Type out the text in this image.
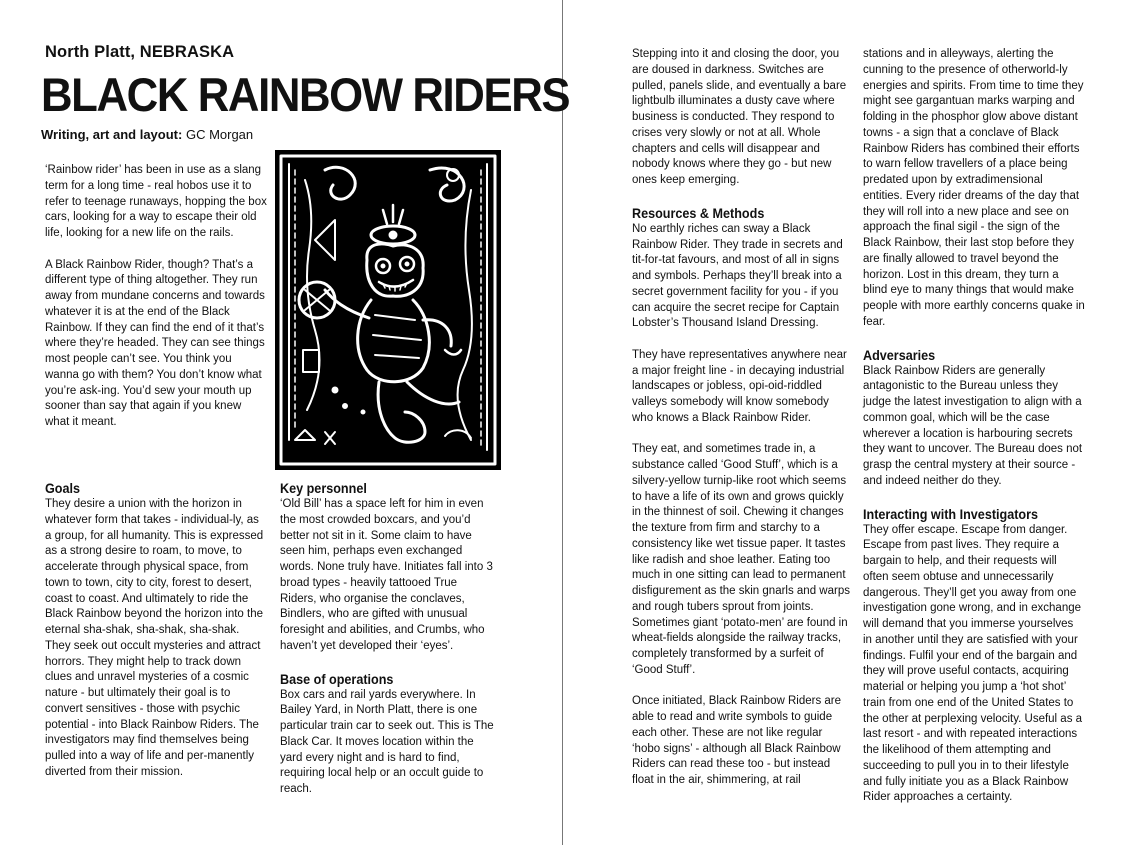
North Platt, NEBRASKA
BLACK RAINBOW RIDERS
Writing, art and layout: GC Morgan

‘Rainbow rider’ has been in use as a slang term for a long time - real hobos use it to refer to teenage runaways, hopping the box cars, looking for a way to escape their old life, looking for a new life on the rails.

A Black Rainbow Rider, though? That’s a different type of thing altogether. They run away from mundane concerns and towards whatever it is at the end of the Black Rainbow. If they can find the end of it that’s where they’re headed. They can see things most people can’t see. You think you wanna go with them? You don’t know what you’re ask-ing. You’d sew your mouth up sooner than say that again if you knew what it meant.

Goals

They desire a union with the horizon in whatever form that takes - individual-ly, as a group, for all humanity. This is expressed as a strong desire to roam, to move, to accelerate through physical space, from town to town, city to city, forest to desert, coast to coast. And ultimately to ride the Black Rainbow beyond the horizon into the eternal sha-shak, sha-shak, sha-shak. They seek out occult mysteries and attract horrors. They might help to track down clues and unravel mysteries of a cosmic nature - but ultimately their goal is to convert sensitives - those with psychic potential - into Black Rainbow Riders. The investigators may find themselves being pulled into a way of life and per-manently diverted from their mission.

Key personnel

‘Old Bill’ has a space left for him in even the most crowded boxcars, and you’d better not sit in it. Some claim to have seen him, perhaps even exchanged words. None truly have. Initiates fall into 3 broad types - heavily tattooed True Riders, who organise the conclaves, Bindlers, who are gifted with unusual foresight and abilities, and Crumbs, who haven’t yet developed their ‘eyes’.

Base of operations

Box cars and rail yards everywhere. In Bailey Yard, in North Platt, there is one particular train car to seek out. This is The Black Car. It moves location within the yard every night and is hard to find, requiring local help or an occult guide to reach.

Stepping into it and closing the door, you are doused in darkness. Switches are pulled, panels slide, and eventually a bare lightbulb illuminates a dusty cave where business is conducted. They respond to crises very slowly or not at all. Whole chapters and cells will disappear and nobody knows where they go - but new ones keep emerging.

Resources & Methods

No earthly riches can sway a Black Rainbow Rider. They trade in secrets and tit-for-tat favours, and most of all in signs and symbols. Perhaps they’ll break into a secret government facility for you - if you can acquire the secret recipe for Captain Lobster’s Thousand Island Dressing.

They have representatives anywhere near a major freight line - in decaying industrial landscapes or jobless, opi-oid-riddled valleys somebody will know somebody who knows a Black Rainbow Rider.

They eat, and sometimes trade in, a substance called ‘Good Stuff’, which is a silvery-yellow turnip-like root which seems to have a life of its own and grows quickly in the thinnest of soil. Chewing it changes the texture from firm and starchy to a consistency like wet tissue paper. It tastes like radish and shoe leather. Eating too much in one sitting can lead to permanent disfigurement as the skin gnarls and warps and rough tubers sprout from joints. Sometimes giant ‘potato-men’ are found in wheat-fields alongside the railway tracks, completely transformed by a surfeit of ‘Good Stuff’.

Once initiated, Black Rainbow Riders are able to read and write symbols to guide each other. These are not like regular ‘hobo signs’ - although all Black Rainbow Riders can read these too - but instead float in the air, shimmering, at rail

stations and in alleyways, alerting the cunning to the presence of otherworld-ly energies and spirits. From time to time they might see gargantuan marks warping and folding in the phosphor glow above distant towns - a sign that a conclave of Black Rainbow Riders has combined their efforts to warn fellow travellers of a place being predated upon by extradimensional entities. Every rider dreams of the day that they will roll into a new place and see on approach the final sigil - the sign of the Black Rainbow, their last stop before they are finally allowed to travel beyond the horizon. Lost in this dream, they turn a blind eye to many things that would make people with more earthly concerns quake in fear.

Adversaries

Black Rainbow Riders are generally antagonistic to the Bureau unless they judge the latest investigation to align with a common goal, which will be the case wherever a location is harbouring secrets they want to uncover. The Bureau does not grasp the central mystery at their source - and indeed neither do they.

Interacting with Investigators

They offer escape. Escape from danger. Escape from past lives. They require a bargain to help, and their requests will often seem obtuse and unnecessarily dangerous. They’ll get you away from one investigation gone wrong, and in exchange will demand that you immerse yourselves in another until they are satisfied with your findings. Fulfil your end of the bargain and they will prove useful contacts, acquiring material or helping you jump a ‘hot shot’ train from one end of the United States to the other at perplexing velocity. Useful as a last resort - and with repeated interactions the likelihood of them attempting and succeeding to pull you in to their lifestyle and fully initiate you as a Black Rainbow Rider approaches a certainty.
